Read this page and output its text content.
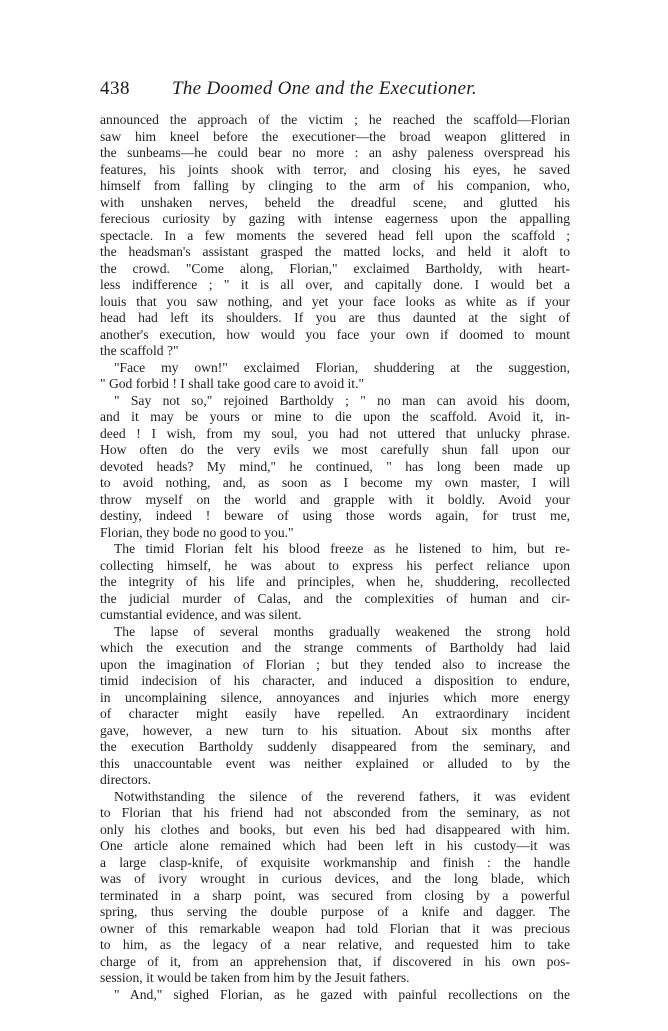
438	The Doomed One and the Executioner.
announced the approach of the victim ; he reached the scaffold—Florian
saw him kneel before the executioner—the broad weapon glittered in
the sunbeams—he could bear no more : an ashy paleness overspread his
features, his joints shook with terror, and closing his eyes, he saved
himself from falling by clinging to the arm of his companion, who,
with unshaken nerves, beheld the dreadful scene, and glutted his
ferecious curiosity by gazing with intense eagerness upon the appalling
spectacle. In a few moments the severed head fell upon the scaffold ;
the headsman's assistant grasped the matted locks, and held it aloft to
the crowd. "Come along, Florian," exclaimed Bartholdy, with heart-
less indifference ; " it is all over, and capitally done. I would bet a
louis that you saw nothing, and yet your face looks as white as if your
head had left its shoulders. If you are thus daunted at the sight of
another's execution, how would you face your own if doomed to mount
the scaffold ?"
"Face my own!" exclaimed Florian, shuddering at the suggestion,
" God forbid ! I shall take good care to avoid it."
" Say not so," rejoined Bartholdy ; " no man can avoid his doom,
and it may be yours or mine to die upon the scaffold. Avoid it, in-
deed ! I wish, from my soul, you had not uttered that unlucky phrase.
How often do the very evils we most carefully shun fall upon our
devoted heads? My mind," he continued, " has long been made up
to avoid nothing, and, as soon as I become my own master, I will
throw myself on the world and grapple with it boldly. Avoid your
destiny, indeed ! beware of using those words again, for trust me,
Florian, they bode no good to you."
The timid Florian felt his blood freeze as he listened to him, but re-
collecting himself, he was about to express his perfect reliance upon
the integrity of his life and principles, when he, shuddering, recollected
the judicial murder of Calas, and the complexities of human and cir-
cumstantial evidence, and was silent.
The lapse of several months gradually weakened the strong hold
which the execution and the strange comments of Bartholdy had laid
upon the imagination of Florian ; but they tended also to increase the
timid indecision of his character, and induced a disposition to endure,
in uncomplaining silence, annoyances and injuries which more energy
of character might easily have repelled. An extraordinary incident
gave, however, a new turn to his situation. About six months after
the execution Bartholdy suddenly disappeared from the seminary, and
this unaccountable event was neither explained or alluded to by the
directors.
Notwithstanding the silence of the reverend fathers, it was evident
to Florian that his friend had not absconded from the seminary, as not
only his clothes and books, but even his bed had disappeared with him.
One article alone remained which had been left in his custody—it was
a large clasp-knife, of exquisite workmanship and finish : the handle
was of ivory wrought in curious devices, and the long blade, which
terminated in a sharp point, was secured from closing by a powerful
spring, thus serving the double purpose of a knife and dagger. The
owner of this remarkable weapon had told Florian that it was precious
to him, as the legacy of a near relative, and requested him to take
charge of it, from an apprehension that, if discovered in his own pos-
session, it would be taken from him by the Jesuit fathers.
" And," sighed Florian, as he gazed with painful recollections on the
